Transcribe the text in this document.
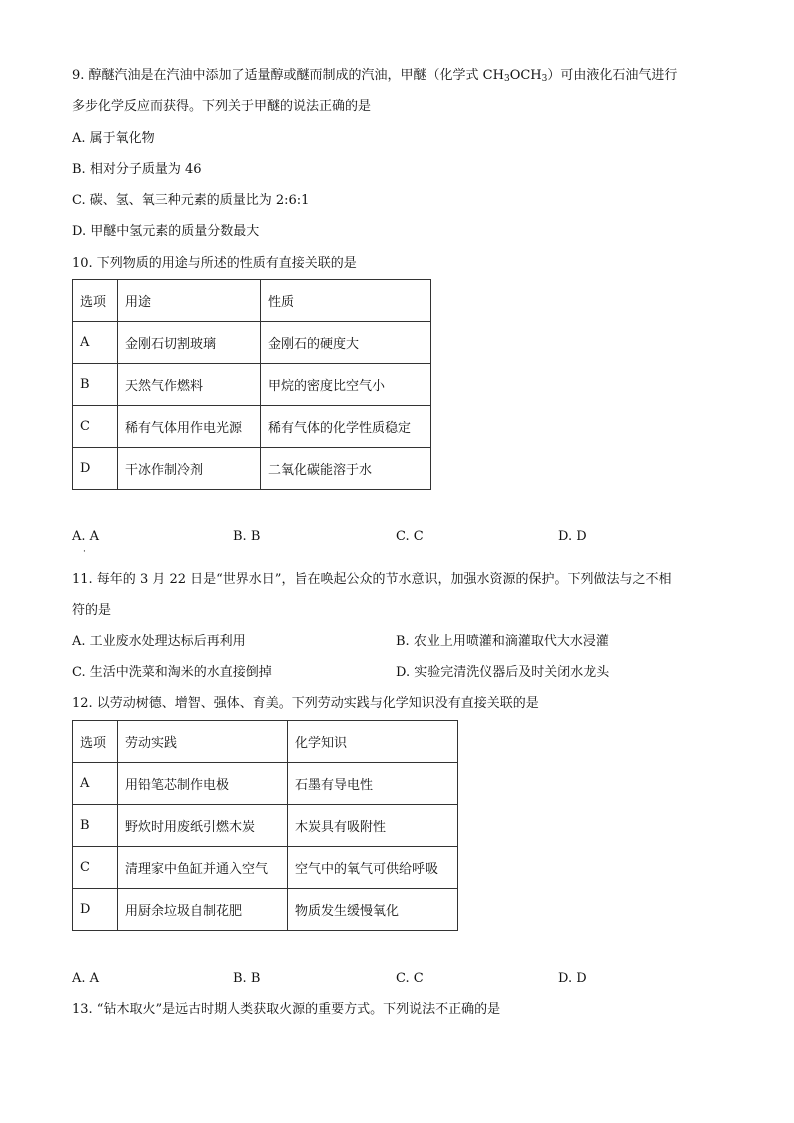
9. 醇醚汽油是在汽油中添加了适量醇或醚而制成的汽油，甲醚（化学式 $CH_3OCH_3$）可由液化石油气进行
多步化学反应而获得。下列关于甲醚的说法正确的是
A. 属于氧化物
B. 相对分子质量为 46
C. 碳、氢、氧三种元素的质量比为 2:6:1
D. 甲醚中氢元素的质量分数最大
10. 下列物质的用途与所述的性质有直接关联的是
选项	用途	性质
A	金刚石切割玻璃	金刚石的硬度大
B	天然气作燃料	甲烷的密度比空气小
C	稀有气体用作电光源	稀有气体的化学性质稳定
D	干冰作制冷剂	二氧化碳能溶于水
A. A	B. B	C. C	D. D
·
11. 每年的 3 月 22 日是“世界水日”，旨在唤起公众的节水意识，加强水资源的保护。下列做法与之不相
符的是
A. 工业废水处理达标后再利用	B. 农业上用喷灌和滴灌取代大水浸灌
C. 生活中洗菜和淘米的水直接倒掉	D. 实验完清洗仪器后及时关闭水龙头
12. 以劳动树德、增智、强体、育美。下列劳动实践与化学知识没有直接关联的是
选项	劳动实践	化学知识
A	用铅笔芯制作电极	石墨有导电性
B	野炊时用废纸引燃木炭	木炭具有吸附性
C	清理家中鱼缸并通入空气	空气中的氧气可供给呼吸
D	用厨余垃圾自制花肥	物质发生缓慢氧化
A. A	B. B	C. C	D. D
13. “钻木取火”是远古时期人类获取火源的重要方式。下列说法不正确的是
